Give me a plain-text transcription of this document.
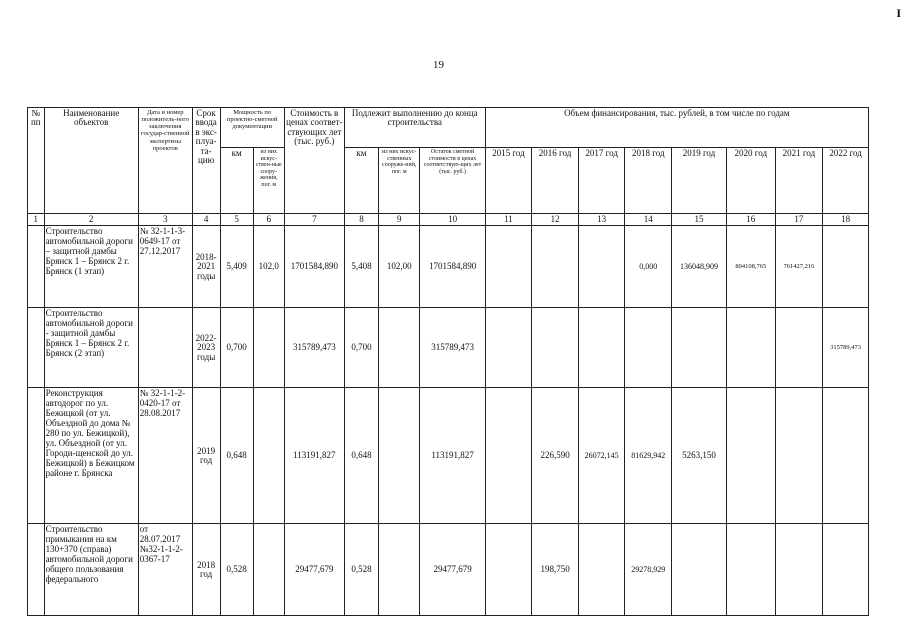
19
I
№ пп	Наименование объектов	Дата и номер положитель-ного заключения государ-ственной экспертизы проектов	Срок ввода в экс-плуа-та-цию	Мощность по проектно-сметной документации		Стоимость в ценах соответ-ствующих лет (тыс. руб.)	Подлежит выполнению до конца строительства			Объем финансирования, тыс. рублей, в том числе по годам							
				км	из них искус-ствен-ные соору-жения, пог. м		км	из них искус-ственных сооруже-ний, пог. м	Остаток сметной стоимости в ценах соответствую-щих лет (тыс. руб.)	2015 год	2016 год	2017 год	2018 год	2019 год	2020 год	2021 год	2022 год
1	2	3	4	5	6	7	8	9	10	11	12	13	14	15	16	17	18
	Строительство автомобильной дороги – защитной дамбы Брянск 1 – Брянск 2 г. Брянск (1 этап)	№ 32-1-1-3-0649-17 от 27.12.2017	2018-2021 годы	5,409	102,0	1701584,890	5,408	102,00	1701584,890				0,000	136048,909	804108,765	761427,216	
	Строительство автомобильной дороги - защитной дамбы Брянск 1 – Брянск 2 г. Брянск (2 этап)		2022-2023 годы	0,700		315789,473	0,700		315789,473								315789,473
	Реконструкция автодорог по ул. Бежицкой (от ул. Объездной до дома № 280 по ул. Бежицкой), ул. Объездной (от ул. Городи-щенской до ул. Бежицкой) в Бежицком районе г. Брянска	№ 32-1-1-2-0420-17 от 28.08.2017	2019 год	0,648		113191,827	0,648		113191,827		226,590	26072,145	81629,942	5263,150			
	Строительство примыкания на км 130+370 (справа) автомобильной дороги общего пользования федерального	от 28.07.2017 №32-1-1-2-0367-17	2018 год	0,528		29477,679	0,528		29477,679		198,750		29278,929				
